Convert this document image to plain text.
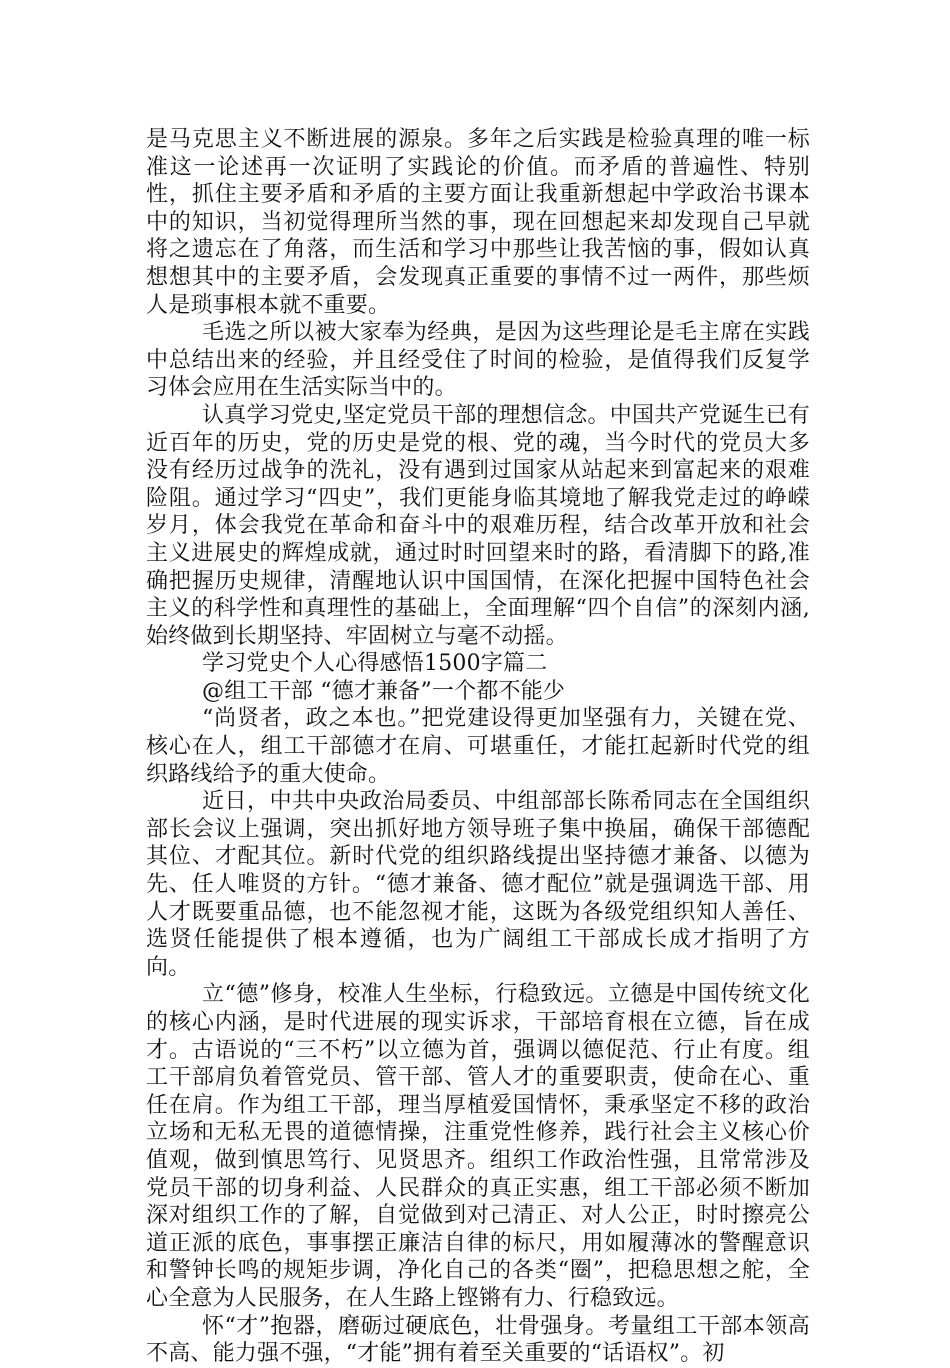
是马克思主义不断进展的源泉。多年之后实践是检验真理的唯一标准这一论述再一次证明了实践论的价值。而矛盾的普遍性、特别性，抓住主要矛盾和矛盾的主要方面让我重新想起中学政治书课本中的知识，当初觉得理所当然的事，现在回想起来却发现自己早就将之遗忘在了角落，而生活和学习中那些让我苦恼的事，假如认真想想其中的主要矛盾，会发现真正重要的事情不过一两件，那些烦人是琐事根本就不重要。

毛选之所以被大家奉为经典，是因为这些理论是毛主席在实践中总结出来的经验，并且经受住了时间的检验，是值得我们反复学习体会应用在生活实际当中的。

认真学习党史,坚定党员干部的理想信念。中国共产党诞生已有近百年的历史，党的历史是党的根、党的魂，当今时代的党员大多没有经历过战争的洗礼，没有遇到过国家从站起来到富起来的艰难险阻。通过学习“四史”，我们更能身临其境地了解我党走过的峥嵘岁月，体会我党在革命和奋斗中的艰难历程，结合改革开放和社会主义进展史的辉煌成就，通过时时回望来时的路，看清脚下的路,准确把握历史规律，清醒地认识中国国情，在深化把握中国特色社会主义的科学性和真理性的基础上，全面理解“四个自信”的深刻内涵,始终做到长期坚持、牢固树立与毫不动摇。

学习党史个人心得感悟1500字篇二

@组工干部 “德才兼备”一个都不能少

“尚贤者，政之本也。”把党建设得更加坚强有力，关键在党、核心在人，组工干部德才在肩、可堪重任，才能扛起新时代党的组织路线给予的重大使命。

近日，中共中央政治局委员、中组部部长陈希同志在全国组织部长会议上强调，突出抓好地方领导班子集中换届，确保干部德配其位、才配其位。新时代党的组织路线提出坚持德才兼备、以德为先、任人唯贤的方针。“德才兼备、德才配位”就是强调选干部、用人才既要重品德，也不能忽视才能，这既为各级党组织知人善任、选贤任能提供了根本遵循，也为广阔组工干部成长成才指明了方向。

立“德”修身，校准人生坐标，行稳致远。立德是中国传统文化的核心内涵，是时代进展的现实诉求，干部培育根在立德，旨在成才。古语说的“三不朽”以立德为首，强调以德促范、行止有度。组工干部肩负着管党员、管干部、管人才的重要职责，使命在心、重任在肩。作为组工干部，理当厚植爱国情怀，秉承坚定不移的政治立场和无私无畏的道德情操，注重党性修养，践行社会主义核心价值观，做到慎思笃行、见贤思齐。组织工作政治性强，且常常涉及党员干部的切身利益、人民群众的真正实惠，组工干部必须不断加深对组织工作的了解，自觉做到对己清正、对人公正，时时擦亮公道正派的底色，事事摆正廉洁自律的标尺，用如履薄冰的警醒意识和警钟长鸣的规矩步调，净化自己的各类“圈”，把稳思想之舵，全心全意为人民服务，在人生路上铿锵有力、行稳致远。

怀“才”抱器，磨砺过硬底色，壮骨强身。考量组工干部本领高不高、能力强不强，“才能”拥有着至关重要的“话语权”。初
